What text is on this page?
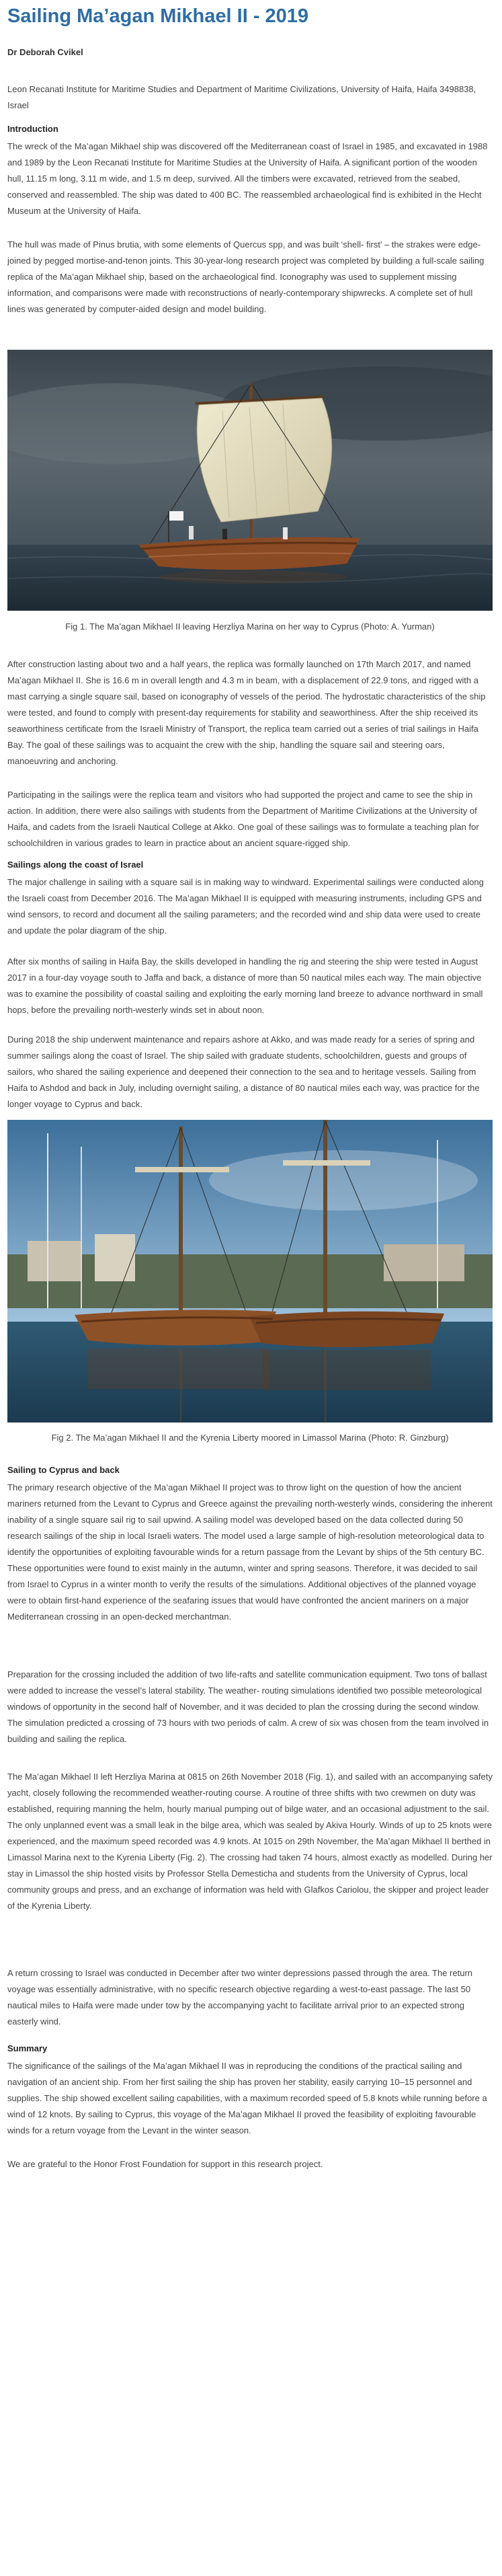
Sailing Ma’agan Mikhael II - 2019
Dr Deborah Cvikel
Leon Recanati Institute for Maritime Studies and Department of Maritime Civilizations, University of Haifa, Haifa 3498838, Israel
Introduction
The wreck of the Ma’agan Mikhael ship was discovered off the Mediterranean coast of Israel in 1985, and excavated in 1988 and 1989 by the Leon Recanati Institute for Maritime Studies at the University of Haifa. A significant portion of the wooden hull, 11.15 m long, 3.11 m wide, and 1.5 m deep, survived. All the timbers were excavated, retrieved from the seabed, conserved and reassembled. The ship was dated to 400 BC. The reassembled archaeological find is exhibited in the Hecht Museum at the University of Haifa.
The hull was made of Pinus brutia, with some elements of Quercus spp, and was built ‘shell- first’ – the strakes were edge-joined by pegged mortise-and-tenon joints. This 30-year-long research project was completed by building a full-scale sailing replica of the Ma’agan Mikhael ship, based on the archaeological find. Iconography was used to supplement missing information, and comparisons were made with reconstructions of nearly-contemporary shipwrecks. A complete set of hull lines was generated by computer-aided design and model building.
Fig 1. The Ma’agan Mikhael II leaving Herzliya Marina on her way to Cyprus (Photo: A. Yurman)
After construction lasting about two and a half years, the replica was formally launched on 17th March 2017, and named Ma’agan Mikhael II. She is 16.6 m in overall length and 4.3 m in beam, with a displacement of 22.9 tons, and rigged with a mast carrying a single square sail, based on iconography of vessels of the period. The hydrostatic characteristics of the ship were tested, and found to comply with present-day requirements for stability and seaworthiness. After the ship received its seaworthiness certificate from the Israeli Ministry of Transport, the replica team carried out a series of trial sailings in Haifa Bay. The goal of these sailings was to acquaint the crew with the ship, handling the square sail and steering oars, manoeuvring and anchoring.
Participating in the sailings were the replica team and visitors who had supported the project and came to see the ship in action. In addition, there were also sailings with students from the Department of Maritime Civilizations at the University of Haifa, and cadets from the Israeli Nautical College at Akko. One goal of these sailings was to formulate a teaching plan for schoolchildren in various grades to learn in practice about an ancient square-rigged ship.
Sailings along the coast of Israel
The major challenge in sailing with a square sail is in making way to windward. Experimental sailings were conducted along the Israeli coast from December 2016. The Ma’agan Mikhael II is equipped with measuring instruments, including GPS and wind sensors, to record and document all the sailing parameters; and the recorded wind and ship data were used to create and update the polar diagram of the ship.
After six months of sailing in Haifa Bay, the skills developed in handling the rig and steering the ship were tested in August 2017 in a four-day voyage south to Jaffa and back, a distance of more than 50 nautical miles each way. The main objective was to examine the possibility of coastal sailing and exploiting the early morning land breeze to advance northward in small hops, before the prevailing north-westerly winds set in about noon.
During 2018 the ship underwent maintenance and repairs ashore at Akko, and was made ready for a series of spring and summer sailings along the coast of Israel. The ship sailed with graduate students, schoolchildren, guests and groups of sailors, who shared the sailing experience and deepened their connection to the sea and to heritage vessels. Sailing from Haifa to Ashdod and back in July, including overnight sailing, a distance of 80 nautical miles each way, was practice for the longer voyage to Cyprus and back.
Fig 2. The Ma’agan Mikhael II and the Kyrenia Liberty moored in Limassol Marina (Photo: R. Ginzburg)
Sailing to Cyprus and back
The primary research objective of the Ma’agan Mikhael II project was to throw light on the question of how the ancient mariners returned from the Levant to Cyprus and Greece against the prevailing north-westerly winds, considering the inherent inability of a single square sail rig to sail upwind. A sailing model was developed based on the data collected during 50 research sailings of the ship in local Israeli waters. The model used a large sample of high-resolution meteorological data to identify the opportunities of exploiting favourable winds for a return passage from the Levant by ships of the 5th century BC. These opportunities were found to exist mainly in the autumn, winter and spring seasons. Therefore, it was decided to sail from Israel to Cyprus in a winter month to verify the results of the simulations. Additional objectives of the planned voyage were to obtain first-hand experience of the seafaring issues that would have confronted the ancient mariners on a major Mediterranean crossing in an open-decked merchantman.
Preparation for the crossing included the addition of two life-rafts and satellite communication equipment. Two tons of ballast were added to increase the vessel’s lateral stability. The weather- routing simulations identified two possible meteorological windows of opportunity in the second half of November, and it was decided to plan the crossing during the second window. The simulation predicted a crossing of 73 hours with two periods of calm. A crew of six was chosen from the team involved in building and sailing the replica.
The Ma’agan Mikhael II left Herzliya Marina at 0815 on 26th November 2018 (Fig. 1), and sailed with an accompanying safety yacht, closely following the recommended weather-routing course. A routine of three shifts with two crewmen on duty was established, requiring manning the helm, hourly manual pumping out of bilge water, and an occasional adjustment to the sail. The only unplanned event was a small leak in the bilge area, which was sealed by Akiva Hourly. Winds of up to 25 knots were experienced, and the maximum speed recorded was 4.9 knots. At 1015 on 29th November, the Ma’agan Mikhael II berthed in Limassol Marina next to the Kyrenia Liberty (Fig. 2). The crossing had taken 74 hours, almost exactly as modelled. During her stay in Limassol the ship hosted visits by Professor Stella Demesticha and students from the University of Cyprus, local community groups and press, and an exchange of information was held with Glafkos Cariolou, the skipper and project leader of the Kyrenia Liberty.
A return crossing to Israel was conducted in December after two winter depressions passed through the area. The return voyage was essentially administrative, with no specific research objective regarding a west-to-east passage. The last 50 nautical miles to Haifa were made under tow by the accompanying yacht to facilitate arrival prior to an expected strong easterly wind.
Summary
The significance of the sailings of the Ma’agan Mikhael II was in reproducing the conditions of the practical sailing and navigation of an ancient ship. From her first sailing the ship has proven her stability, easily carrying 10–15 personnel and supplies. The ship showed excellent sailing capabilities, with a maximum recorded speed of 5.8 knots while running before a wind of 12 knots. By sailing to Cyprus, this voyage of the Ma’agan Mikhael II proved the feasibility of exploiting favourable winds for a return voyage from the Levant in the winter season.
We are grateful to the Honor Frost Foundation for support in this research project.
